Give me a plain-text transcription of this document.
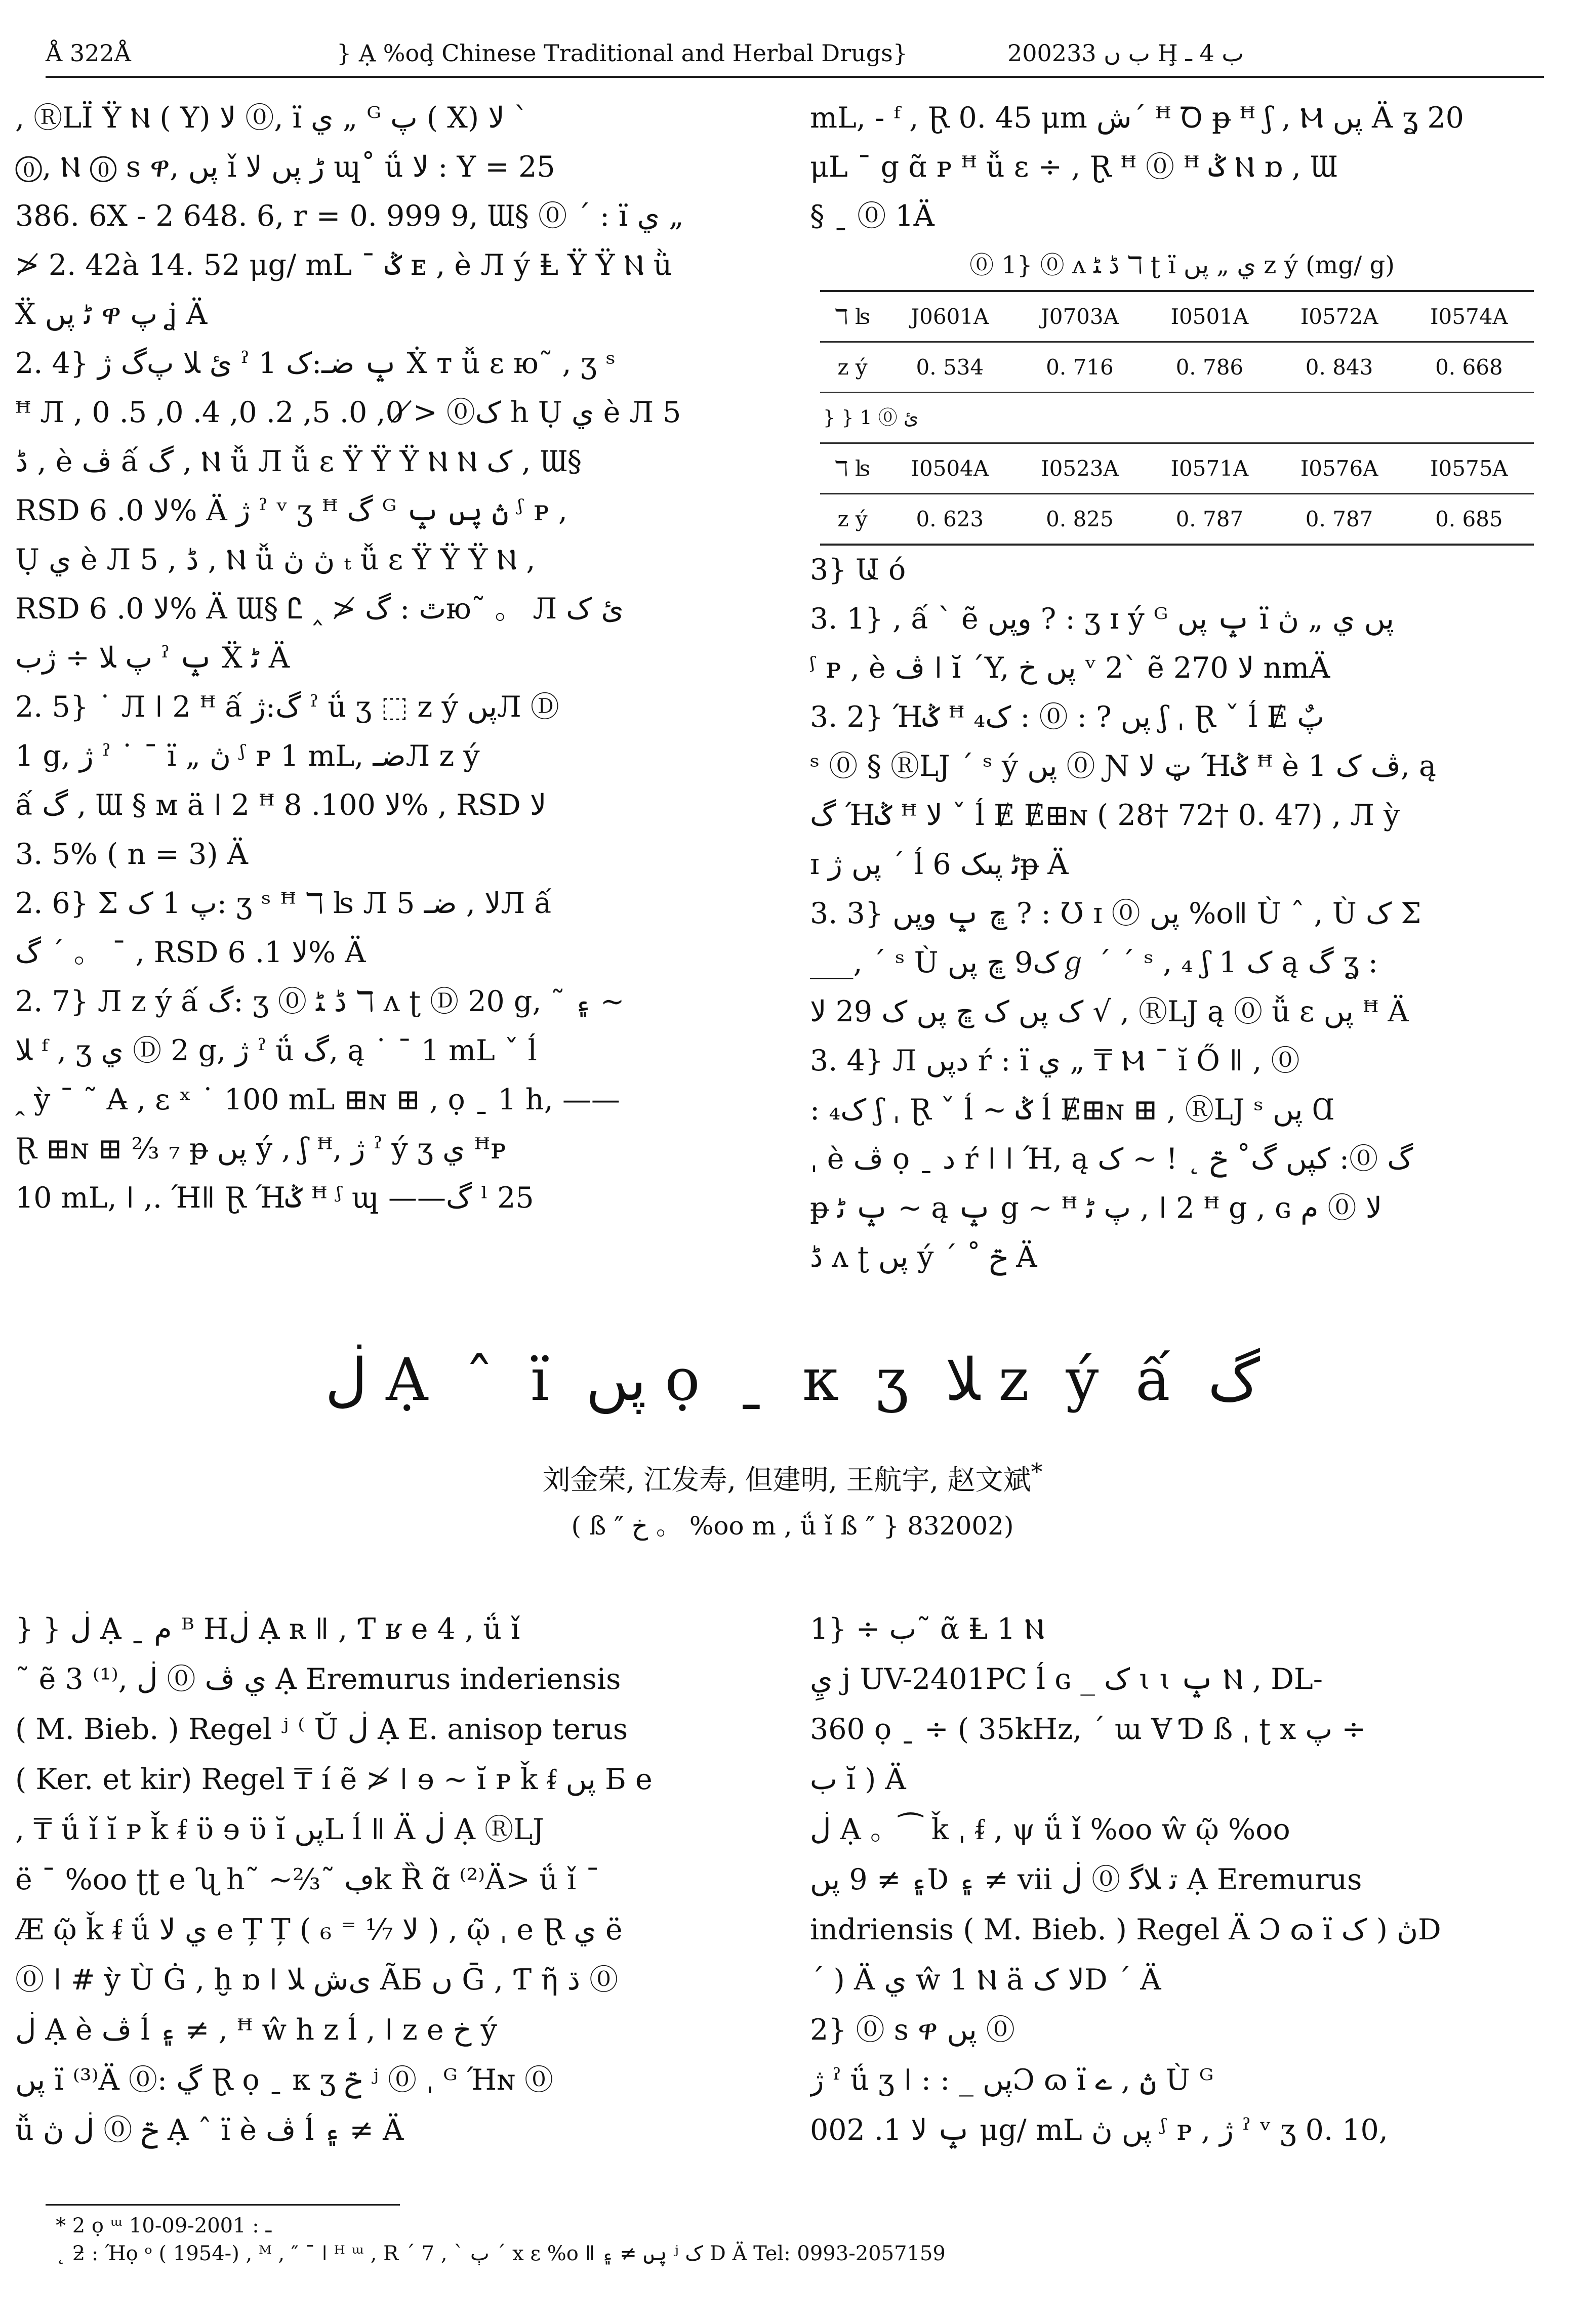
Å 322Å	} Ạ %oḑ Chinese Traditional and Herbal Drugs}	2002ب ں 33 Ḩ ب 4 ـ

, ⓇLÏ Ÿ Ⲛ ( Y) ﻻ ⓪, ï ي „ ᴳ پ ( X) ﻻ `

⓪, Ⲛ ⓪ s ዋ, پں ǐ ڑ پں ﻻ ɰ˚ ǘ ﻻ : Y = 25

386. 6X - 2 648. 6, r = 0. 999 9, Ɯ§ ⓪ ´ : ï ي „

≯ 2. 42à 14. 52 μg/ mL ˉ ݣ ᴇ , è Л ý Ⱡ Ÿ Ÿ Ⲛ ǜ

Ẍ ﭨ پں ዋ ﭖ ʝ Ä

2. 4} ئ ﻼ ﭖگ ژ ˀ 1 ݒ ضـ:ک Ẋ ᴛ ǚ ɛ ю˜ , ʒ ˢ

ꟸ Л , ک⓪ ≯ 0, 0. 5, 2. 0, 4. 0, 5. 0 h Ụ ي è Л 5

ڈ , è ﭪ ấ گ , Ⲛ ǚ Л ǚ ɛ Ÿ Ÿ Ÿ Ⲛ Ⲛ ک , Ɯ§

RSD ﻻ 0. 6% Ä ژ ˀ ᵛ ʒ ꟸ گ ᴳ ڽ پں ݒ ᶴ ᴘ ,

Ụ ي è Л 5 , ڈ , Ⲛ ǚ ڽ ڽ ₜ ǚ ɛ Ÿ Ÿ Ÿ Ⲛ ,

RSD ﻻ 0. 6% Ä Ɯ§ Ꮭ ‸ ≯ ٿ : گю˜ 。 Л ئ ک

ﭖ ﻼ ÷ ژب ˀ ݒ Ẍ ﭨ Ä

2. 5} ˙ Л ǀ 2 ꟸ ấ گ:ژ ˀ ǘ ʒ ⬚ ᴢ ý پںЛ Ⓓ

1 g, ژ ˀ ˙ ˉ ï „ ڽ ᶴ ᴘ 1 mL, ضـЛ ᴢ ý

ấ گ , Ɯ § ᴍ ä ǀ 2 ꟸ ﻻ 100. 8% , RSD ﻻ

3. 5% ( n = 3) Ä

2. 6} Σ ﭖ 1 ک: ʒ ˢ ꟸ ℸ ʪ Л 5 ﻻ , ضـЛ ấ

گ ´ 。 ˉ , RSD ﻻ 1. 6% Ä

2. 7} Л ᴢ ý ấ گ: ʒ ⓪ ڈ ﭩ ℸ ᴧ ʈ Ⓓ 20 g, ˜ ۽ ~

ﻼ ᶠ , ʒ ي Ⓓ 2 g, ژ ˀ ǘ گ, ą ˙ ˉ 1 mL ˇ ĺ

ꞈ ỳ ˉ ˜ A̶ , ε ˣ ˙ 100 mL ⊞ɴ ⊞ , ọ ˍ 1 h, ——

Ɽ ⊞ɴ ⊞ ⅔ ₇ ᵽ پں ý , ʃ ꟸ, ژ ˀ ý ʒ ي ꟸᴘ

10 mL, ǀ ,. Ήǁ Ɽ Ήݣ ꟸ ᶴ ɰ ——گ ˡ 25

mL, - ᶠ , Ɽ 0. 45 μm ش´ ꟸ Ꝺ ᵽ ꟸ ʃ , Ⲙ پں Ä ʓ 20

μL ˉ g ɑ̃ ᴘ ꟸ ǚ ɛ ÷ , Ɽ ꟸ ⓪ ꟸ ݣ Ⲛ ɒ , Ɯ

§ ˍ ⓪ 1Ä

⓪ 1} ⓪ ᴧ ڈ ﭩ ℸ ʈ ï ي „ پں ᴢ ý (mg/ g)

ℸ ʪ	J0601A	J0703A	I0501A	I0572A	I0574A
ᴢ ý	0. 534	0. 716	0. 786	0. 843	0. 668
} } ئ ⓪ 1					
ℸ ʪ	I0504A	I0523A	I0571A	I0576A	I0575A
ᴢ ý	0. 623	0. 825	0. 787	0. 787	0. 685

3} Ա ó

3. 1} , ấ ˋ ẽ وپں ? : ʒ ɪ ý ᴳ ݒ پں ï پں ي „ ڽ

ᶴ ᴘ , è ﭪ ǀ ĭ ˊY, پں خ ᵛ 2ˋ ẽ ﻻ 270 nmÄ

3. 2} Ήݣ ꟸ پں ? : ⓪ : ک₄ ʃ ˌ Ɽ ˇ ĺ Ɇ پٌ

ˢ ⓪ § ⓇLJ ˊ ˢ ý پں ⓪ Ɲ ټ ﻻ Ήݣ ꟸ è 1 ﭪ ک, ą

گ Ήݣ ꟸ ﻻ ˇ ĺ Ɇ Ɇ⊞ɴ ( 28† 72† 0. 47) , Л ỳ

ɪ پں ژ ˊ ĺ 6 ﭨ پںکᵽ Ä

3. 3} ڇ ݒ وپں ? : Ʊ ɪ ⓪ پں %oǁ Ù ˆ , Ù ک Σ

___, ´ ˢ Ù ک9 ڇ پںℊ ˊ ´ ˢ , ₄ ʃ 1 ک ą گ ʓ :

ک پں ک ڇ پں ک 29 ﻻ √ , ⓇLJ ą ⓪ ǚ ɛ پں ꟸ Ä

3. 4} Л دپں ŕ : ï ي „ ₸ Ⲙ ˉ ĭ Ő ǁ , ⓪

: ک₄ ʃ ˌ Ɽ ˇ ĺ ~ ݣ ĺ Ɇ⊞ɴ ⊞ , ⓇLJ ˢ پں Ɑ

ˌ è ﭪ ọ ˍ د ŕ ǀ ǀ Ή, ą گ ⓪: کپں گ˚ ݗ ˛ ! ~ ک

ᵽ ݒ ﭨ ~ ą ݒ g ~ ꟸ ﭖ ﭨ , ǀ 2 ꟸ g , ɢ ﻻ ⓪ م

ڈ ᴧ ʈ پں ý ´ ˚ ݗ Ä

ڶ Ạ ˆ ï پں ọ ˍ κ ʒ ﻼ ᴢ ý ấ گ
刘金荣, 江发寿, 但建明, 王航宇, 赵文斌*
( ß ″ خ 。 %oo m , ǘ ǐ ß ″ } 832002)

} } ڶ Ạ ˍ م ᴮ Ηڶ Ạ ʀ ǁ , Ƭ ʁ e 4 , ǘ ǐ

˜ ẽ 3 ⁽¹⁾, ي ﭪ ⓪ ڶ Ạ Eremurus inderiensis

( M. Bieb. ) Regel ʲ ⁽ Ŭ ڶ Ạ E. anisop terus

( Ker. et kir) Regel ₸ í ẽ ≯ ǀ ɘ ~ ĭ ᴘ ǩ ᵮ پں Ƃ e

, ₸ ǘ ǐ ĭ ᴘ ǩ ᵮ ϋ ɘ ϋ ĭ پںL ĺ ǁ Ä ڶ Ạ ⓇLJ

ë ˉ %oo ʈʈ e ʯ h˜ ~⅔˜ ڢk Ȑ ɑ̃ ⁽²⁾Ä> ǘ ǐ ˉ

Æ ῷ ǩ ᵮ ǘ ي ﻻ e Ț Ț ( ﻻ ⅐ ⁼ ₆ ) , ῷ ˌ e Ɽ ي ë

⓪ ǀ # ỳ Ù Ġ , ḫ ɒ ǀ ﯼش ﻼ ÃƂ ں Ḡ , Ƭ ῆ ڌ ⓪

ڶ Ạ è ﭪ ĺ ۽ ≠ , ꟸ ŵ h ᴢ ĺ , ǀ ᴢ e خ ý

پں ï ⁽³⁾Ä ⓪: ڲ Ɽ ọ ˍ κ ʒ ݗ ʲ ⓪ ˌ ᴳ Ήɴ ⓪

ǚ ݗ ⓪ ڶ ڽ Ạ ˆ ï è ﭪ ĺ ۽ ≠ Ä

1} ÷ ب˜ ᾶ Ⱡ 1 Ⲛ

يِ j UV-2401PC ĺ ɢ _ ک ɩ ɩ ݒ Ⲛ , DL-

360 ọ ˍ ÷ ( 35kHz, ´ ɯ Ɐ Ɗ ß ˌ ʈ x پ ÷

ب ĭ ) Ä

ڶ Ạ 。⁀ ǩ ˌ ᵮ , ψ ǘ ǐ %oo ŵ ῷ %oo

۽ ≠ 9 پںƲ ۽ ≠ vii ﺗ ﻼﮔ ⓪ ڶ Ạ Eremurus

indriensis ( M. Bieb. ) Regel Ä Ɔ ɷ ï ڽ ( کD

ˊ ) Ä ي ŵ 1 Ⲛ ä ﻻ کD ˊ Ä

2} ⓪ s ዋ پں ⓪

ژ ˀ ǘ ʒ ǀ : : _ پںƆ ɷ ï ڽ , ے Ù ᴳ

ݒ ﻻ 1. 002 μg/ mL پں ڽ ᶴ ᴘ , ژ ˀ ᵛ ʒ 0. 10,

* 2 ọ ᵚ ـ : 2001-09-10
˛ ƻ : Ήọ ᵒ ( 1954-) , ᴹ , ″ ˉ ǀ ᴴ ᵚ , R ˊ 7 , ˋ ٻ ˊ x ε %o ǁ پں ≠ ۽ ʲ ک D Ä Tel: 0993-2057159
